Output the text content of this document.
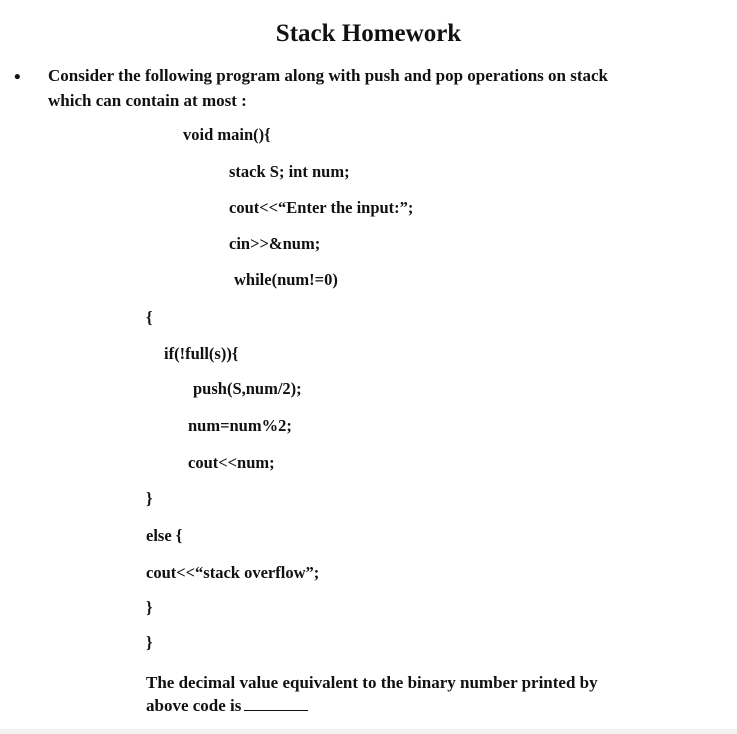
Stack Homework
• Consider the following program along with push and pop operations on stack
which can contain at most :
void main(){
stack S; int num;
cout<<“Enter the input:”;
cin>>&num;
while(num!=0)
{
if(!full(s)){
push(S,num/2);
num=num%2;
cout<<num;
}
else {
cout<<“stack overflow”;
}
}
The decimal value equivalent to the binary number printed by
above code is
